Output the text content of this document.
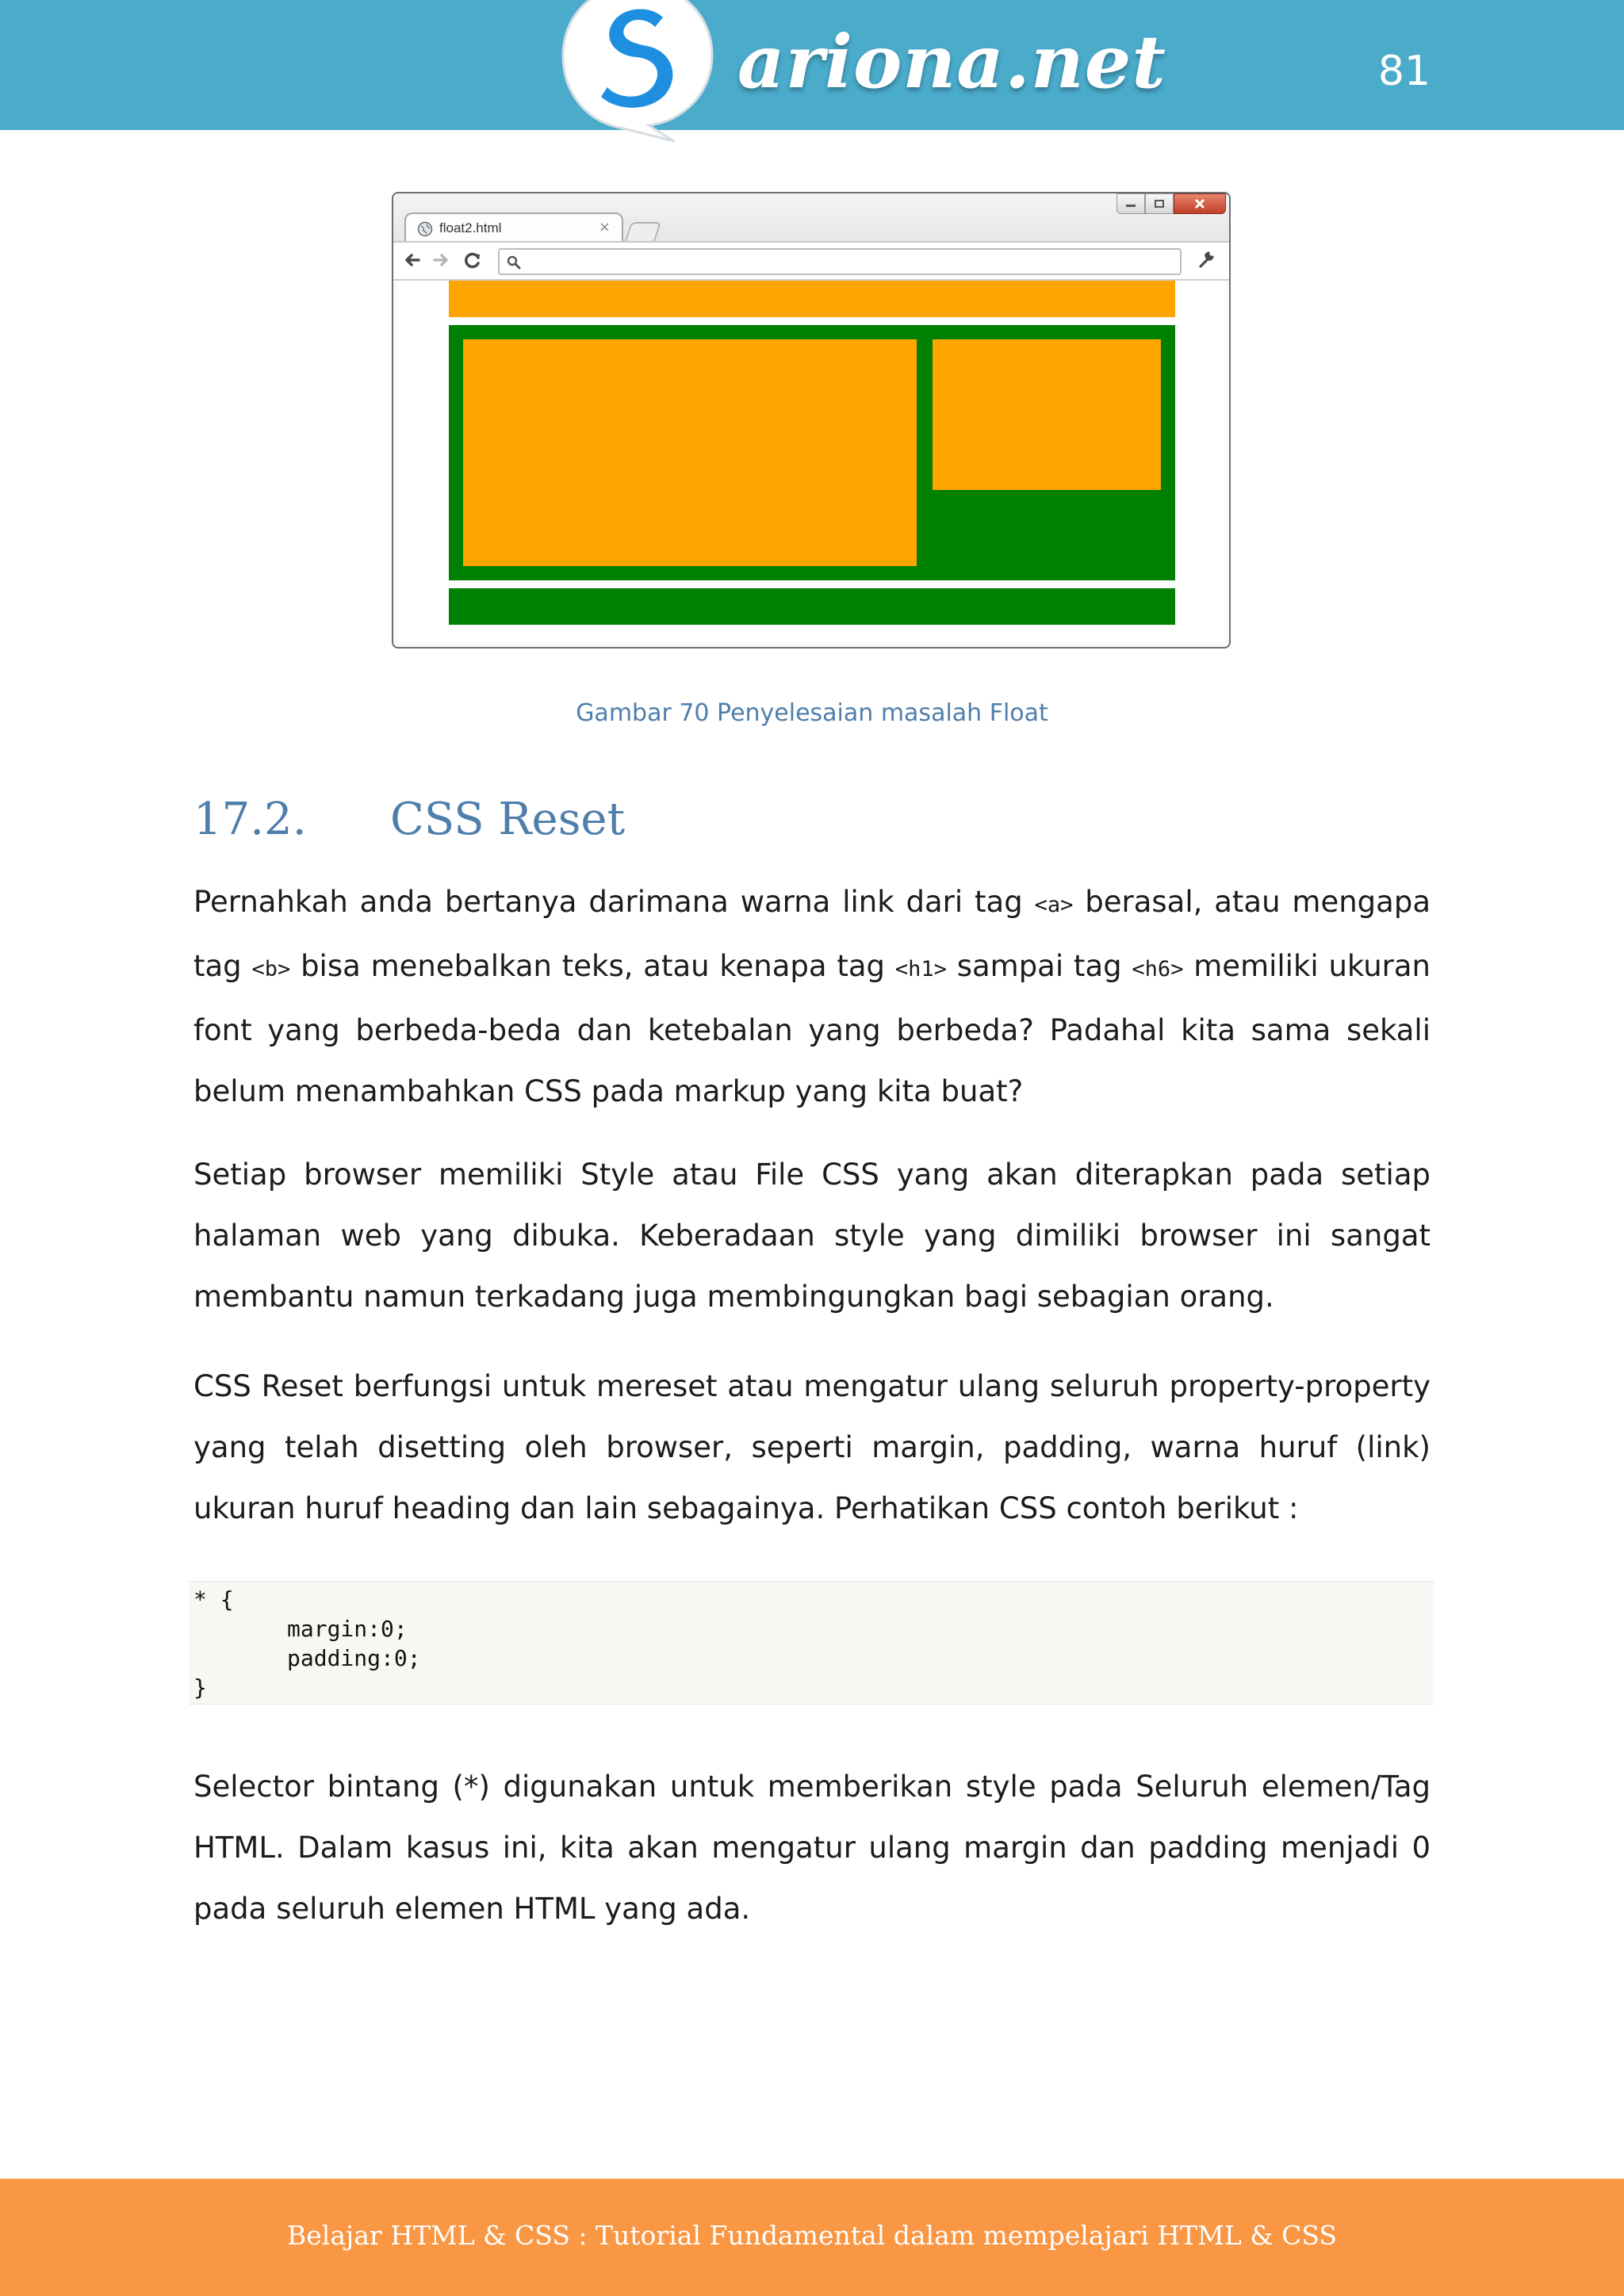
ariona.net	81
float2.html	×
Gambar 70 Penyelesaian masalah Float
17.2. CSS Reset

Pernahkah anda bertanya darimana warna link dari tag <a> berasal, atau mengapa tag <b> bisa menebalkan teks, atau kenapa tag <h1> sampai tag <h6> memiliki ukuran font yang berbeda-beda dan ketebalan yang berbeda? Padahal kita sama sekali belum menambahkan CSS pada markup yang kita buat?

Setiap browser memiliki Style atau File CSS yang akan diterapkan pada setiap halaman web yang dibuka. Keberadaan style yang dimiliki browser ini sangat membantu namun terkadang juga membingungkan bagi sebagian orang.

CSS Reset berfungsi untuk mereset atau mengatur ulang seluruh property-property yang telah disetting oleh browser, seperti margin, padding, warna huruf (link) ukuran huruf heading dan lain sebagainya. Perhatikan CSS contoh berikut :

* {
margin:0;
padding:0;
}

Selector bintang (*) digunakan untuk memberikan style pada Seluruh elemen/Tag HTML. Dalam kasus ini, kita akan mengatur ulang margin dan padding menjadi 0 pada seluruh elemen HTML yang ada.

Belajar HTML & CSS : Tutorial Fundamental dalam mempelajari HTML & CSS
